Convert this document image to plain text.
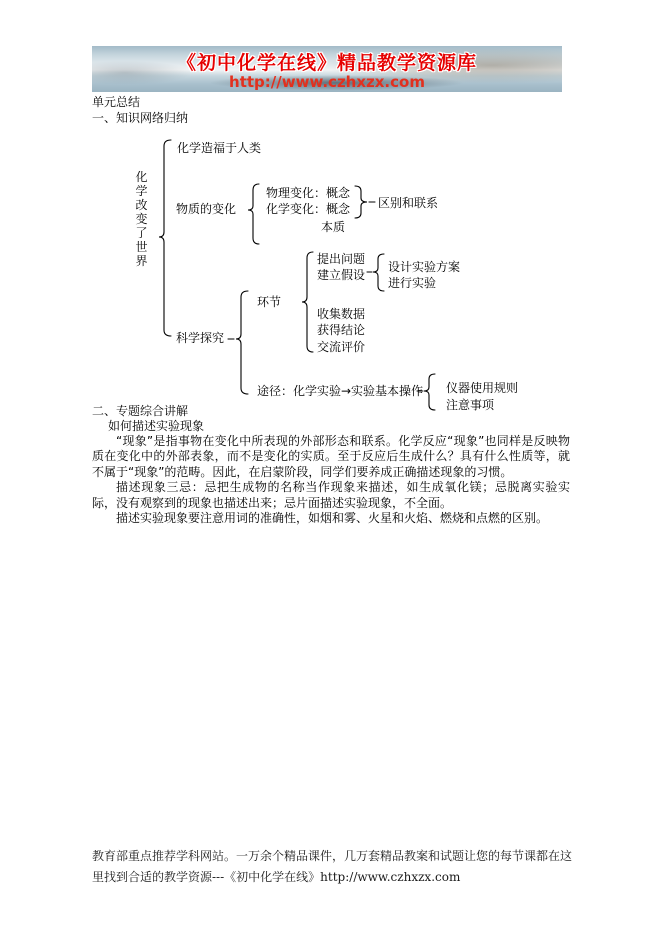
《初中化学在线》精品教学资源库
http://www.czhxzx.com
单元总结
一、知识网络归纳
化学改变了世界
化学造福于人类
物质的变化
物理变化：概念
化学变化：概念
本质
区别和联系
科学探究
环节
提出问题
建立假设
设计实验方案
进行实验
收集数据
获得结论
交流评价
途径：化学实验→实验基本操作 仪器使用规则
注意事项
二、专题综合讲解
如何描述实验现象

“现象”是指事物在变化中所表现的外部形态和联系。化学反应“现象”也同样是反映物质在变化中的外部表象，而不是变化的实质。至于反应后生成什么？具有什么性质等，就不属于“现象”的范畴。因此，在启蒙阶段，同学们要养成正确描述现象的习惯。

描述现象三忌：忌把生成物的名称当作现象来描述，如生成氧化镁；忌脱离实验实际，没有观察到的现象也描述出来；忌片面描述实验现象，不全面。

描述实验现象要注意用词的准确性，如烟和雾、火星和火焰、燃烧和点燃的区别。

教育部重点推荐学科网站。一万余个精品课件，几万套精品教案和试题让您的每节课都在这里找到合适的教学资源---《初中化学在线》http://www.czhxzx.com
